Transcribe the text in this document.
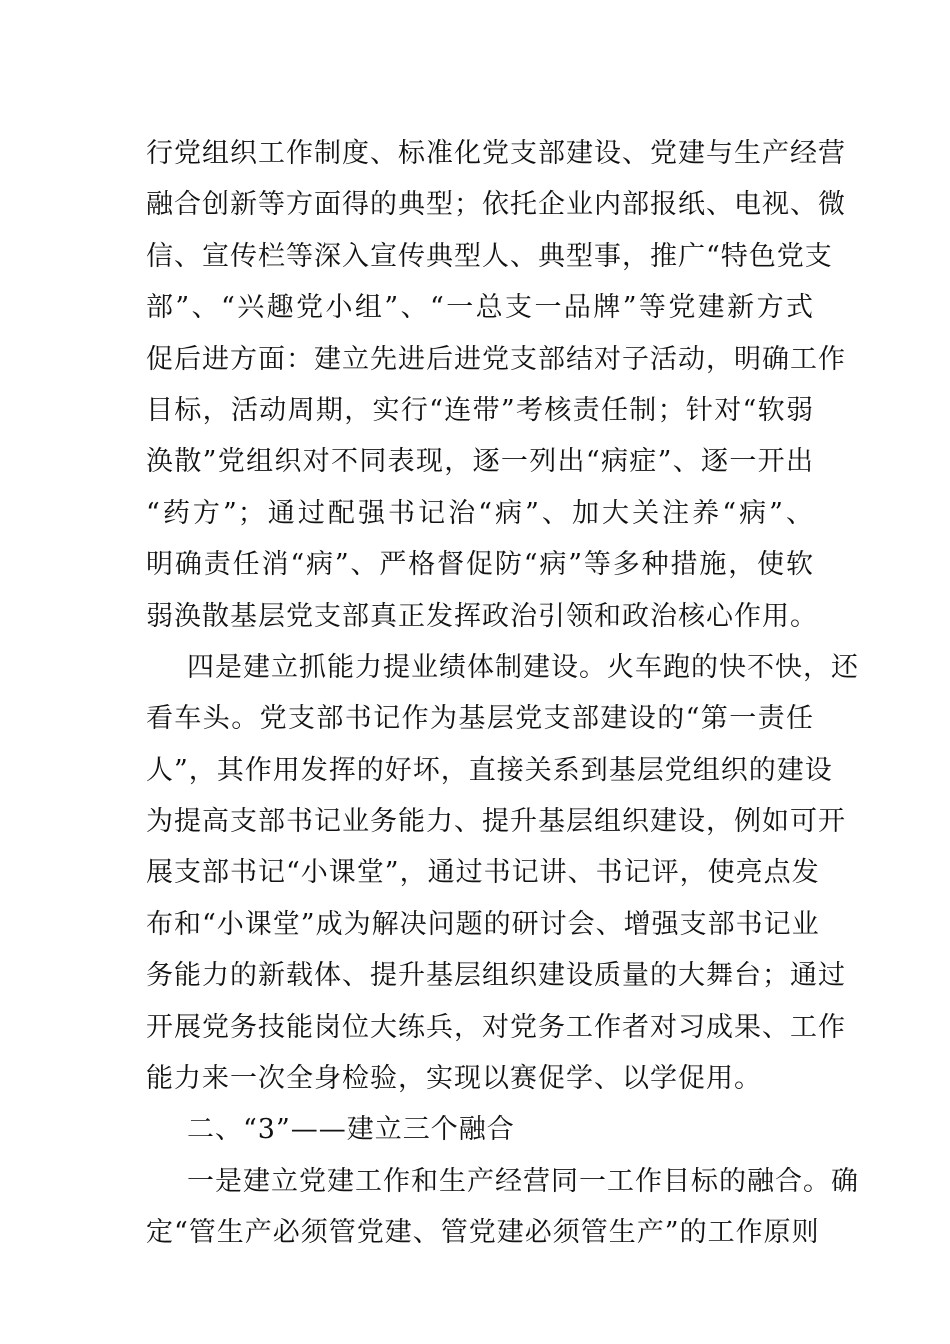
行党组织工作制度、标准化党支部建设、党建与生产经营
融合创新等方面得的典型；依托企业内部报纸、电视、微
信、宣传栏等深入宣传典型人、典型事，推广“特色党支
部”、“兴趣党小组”、“一总支一品牌”等党建新方式
促后进方面：建立先进后进党支部结对子活动，明确工作
目标，活动周期，实行“连带”考核责任制；针对“软弱
涣散”党组织对不同表现，逐一列出“病症”、逐一开出
“药方”；通过配强书记治“病”、加大关注养“病”、
明确责任消“病”、严格督促防“病”等多种措施，使软
弱涣散基层党支部真正发挥政治引领和政治核心作用。
四是建立抓能力提业绩体制建设。火车跑的快不快，还
看车头。党支部书记作为基层党支部建设的“第一责任
人”，其作用发挥的好坏，直接关系到基层党组织的建设
为提高支部书记业务能力、提升基层组织建设，例如可开
展支部书记“小课堂”，通过书记讲、书记评，使亮点发
布和“小课堂”成为解决问题的研讨会、增强支部书记业
务能力的新载体、提升基层组织建设质量的大舞台；通过
开展党务技能岗位大练兵，对党务工作者对习成果、工作
能力来一次全身检验，实现以赛促学、以学促用。
二、“3”——建立三个融合
一是建立党建工作和生产经营同一工作目标的融合。确
定“管生产必须管党建、管党建必须管生产”的工作原则
